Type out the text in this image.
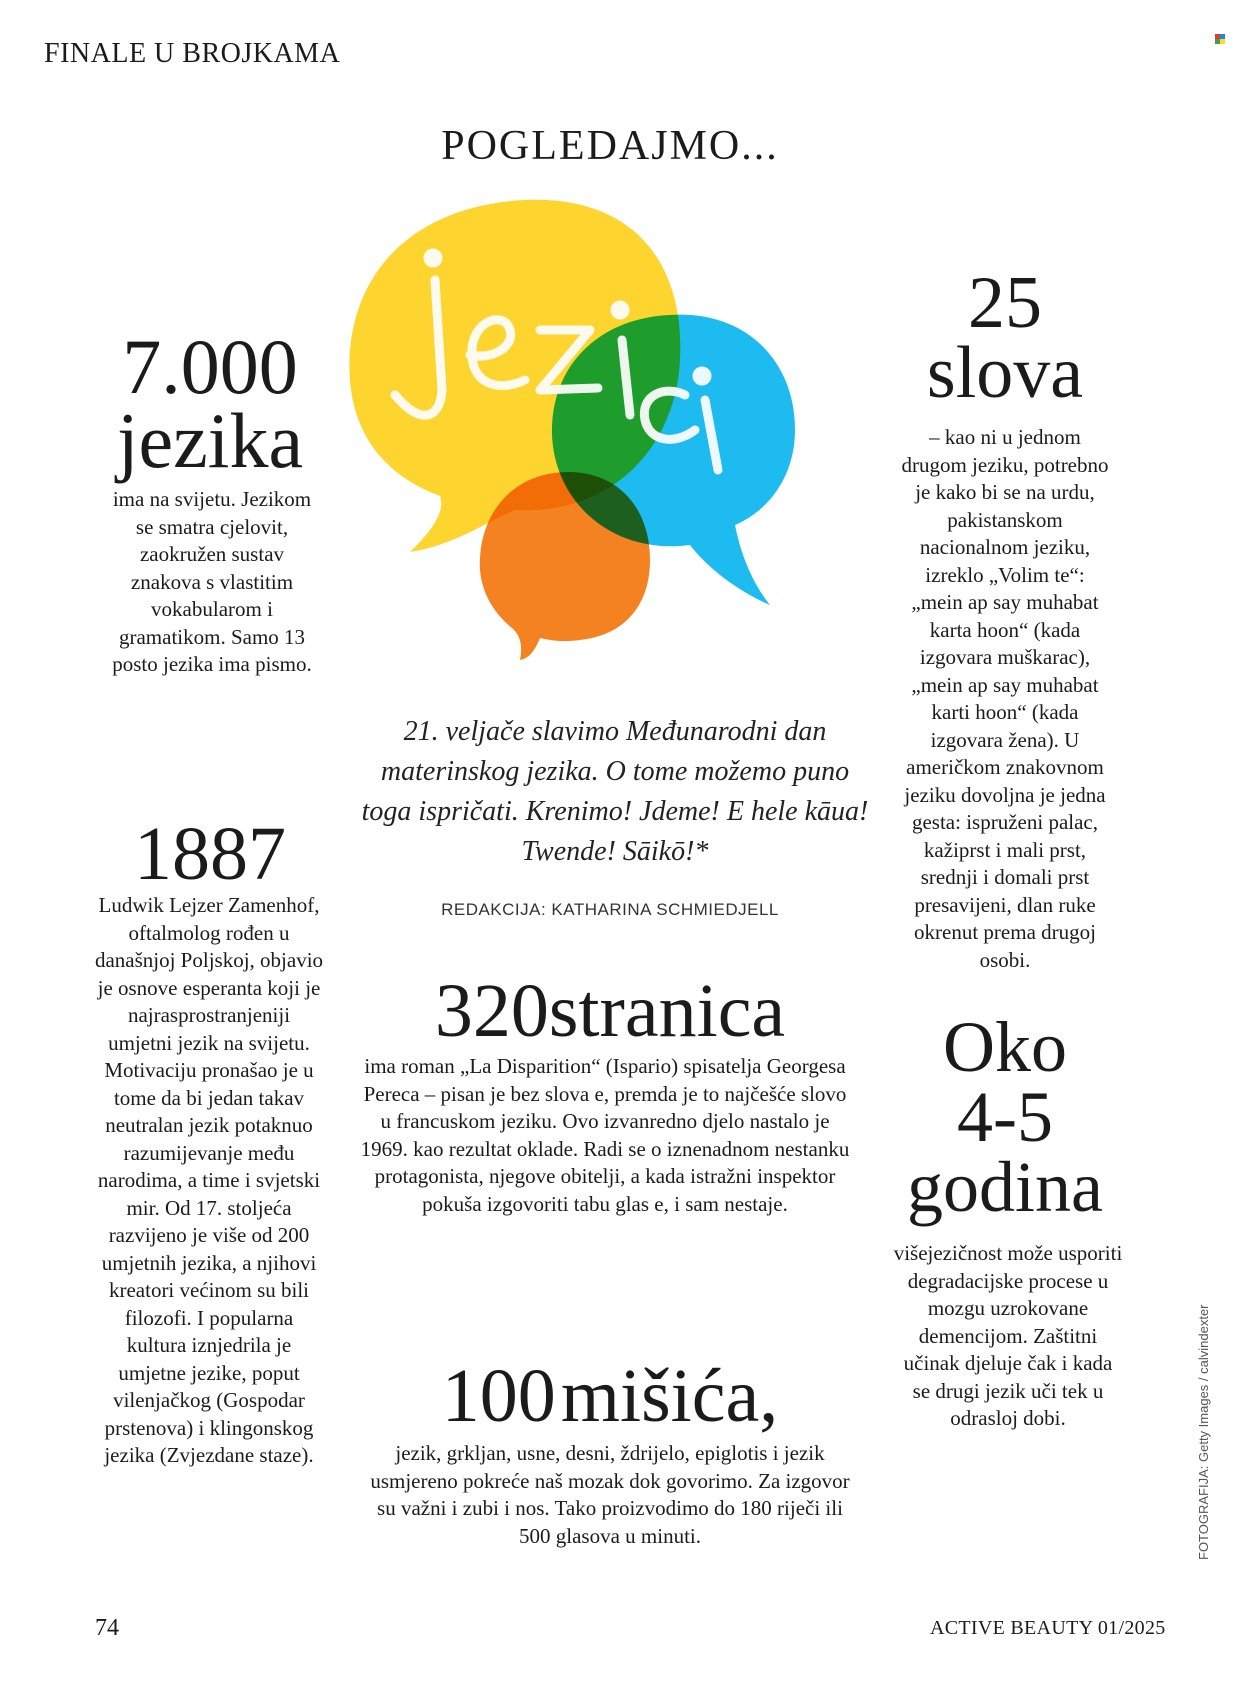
FINALE U BROJKAMA
POGLEDAJMO...
21. veljače slavimo Međunarodni dan materinskog jezika. O tome možemo puno toga ispričati. Krenimo! Jdeme! E hele kāua! Twende! Sāikō!*
REDAKCIJA: KATHARINA SCHMIEDJELL
7.000
jezika
ima na svijetu. Jezikom se smatra cjelovit, zaokružen sustav znakova s vlastitim vokabularom i gramatikom. Samo 13 posto jezika ima pismo.
25
slova
– kao ni u jednom drugom jeziku, potrebno je kako bi se na urdu, pakistanskom nacionalnom jeziku, izreklo „Volim te“: „mein ap say muhabat karta hoon“ (kada izgovara muškarac), „mein ap say muhabat karti hoon“ (kada izgovara žena). U američkom znakovnom jeziku dovoljna je jedna gesta: ispruženi palac, kažiprst i mali prst, srednji i domali prst presavijeni, dlan ruke okrenut prema drugoj osobi.
1887
Ludwik Lejzer Zamenhof, oftalmolog rođen u današnjoj Poljskoj, objavio je osnove esperanta koji je najrasprostranjeniji umjetni jezik na svijetu. Motivaciju pronašao je u tome da bi jedan takav neutralan jezik potaknuo razumijevanje među narodima, a time i svjetski mir. Od 17. stoljeća razvijeno je više od 200 umjetnih jezika, a njihovi kreatori većinom su bili filozofi. I popularna kultura iznjedrila je umjetne jezike, poput vilenjačkog (Gospodar prstenova) i klingonskog jezika (Zvjezdane staze).
320stranica
ima roman „La Disparition“ (Ispario) spisatelja Georgesa Pereca – pisan je bez slova e, premda je to najčešće slovo u francuskom jeziku. Ovo izvanredno djelo nastalo je 1969. kao rezultat oklade. Radi se o iznenadnom nestanku protagonista, njegove obitelji, a kada istražni inspektor pokuša izgovoriti tabu glas e, i sam nestaje.
Oko
4-5
godina
višejezičnost može usporiti degradacijske procese u mozgu uzrokovane demencijom. Zaštitni učinak djeluje čak i kada se drugi jezik uči tek u odrasloj dobi.
100 mišića,
jezik, grkljan, usne, desni, ždrijelo, epiglotis i jezik usmjereno pokreće naš mozak dok govorimo. Za izgovor su važni i zubi i nos. Tako proizvodimo do 180 riječi ili 500 glasova u minuti.	FOTOGRAFIJA: Getty Images / calvindexter
74	ACTIVE BEAUTY 01/2025
